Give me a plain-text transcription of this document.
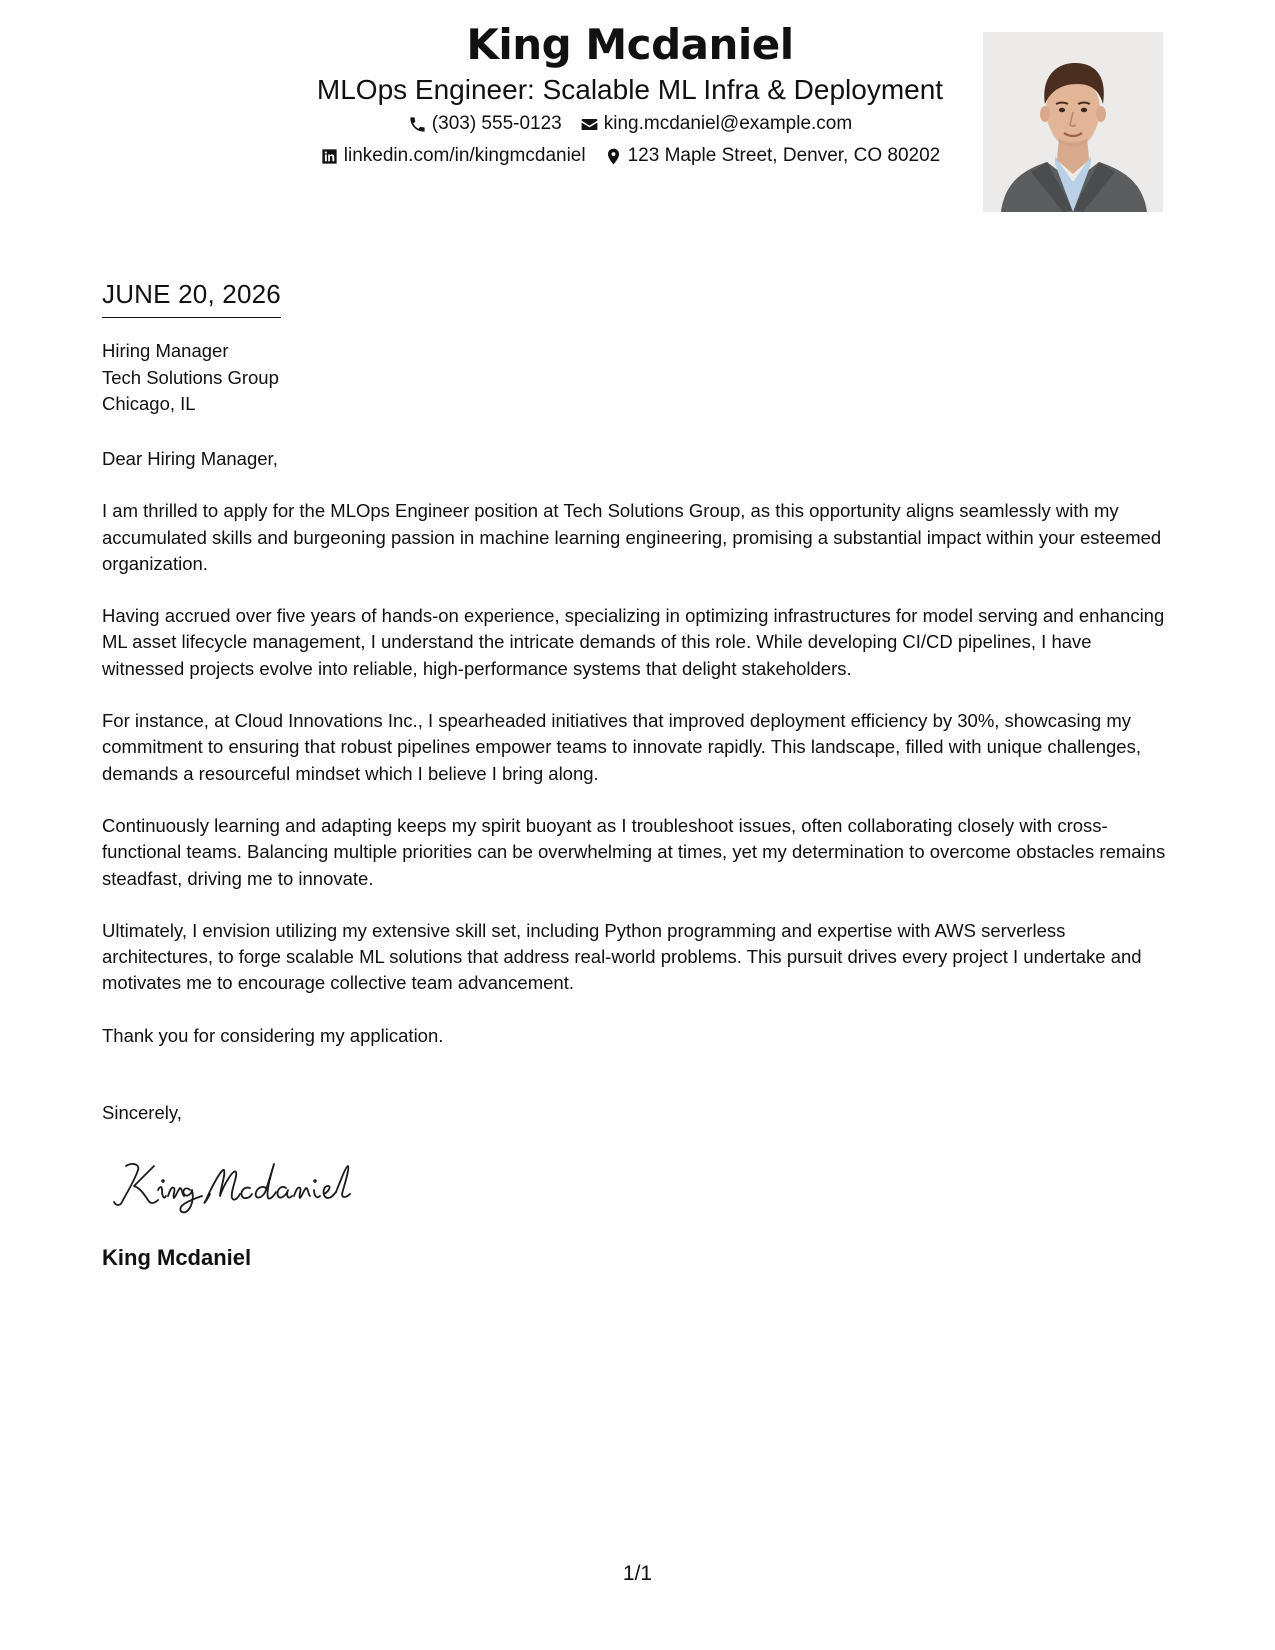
King Mcdaniel
MLOps Engineer: Scalable ML Infra & Deployment
(303) 555-0123 king.mcdaniel@example.com
linkedin.com/in/kingmcdaniel 123 Maple Street, Denver, CO 80202
JUNE 20, 2026
Hiring Manager
Tech Solutions Group
Chicago, IL

Dear Hiring Manager,

I am thrilled to apply for the MLOps Engineer position at Tech Solutions Group, as this opportunity aligns seamlessly with my accumulated skills and burgeoning passion in machine learning engineering, promising a substantial impact within your esteemed organization.

Having accrued over five years of hands-on experience, specializing in optimizing infrastructures for model serving and enhancing ML asset lifecycle management, I understand the intricate demands of this role. While developing CI/CD pipelines, I have witnessed projects evolve into reliable, high-performance systems that delight stakeholders.

For instance, at Cloud Innovations Inc., I spearheaded initiatives that improved deployment efficiency by 30%, showcasing my commitment to ensuring that robust pipelines empower teams to innovate rapidly. This landscape, filled with unique challenges, demands a resourceful mindset which I believe I bring along.

Continuously learning and adapting keeps my spirit buoyant as I troubleshoot issues, often collaborating closely with cross-functional teams. Balancing multiple priorities can be overwhelming at times, yet my determination to overcome obstacles remains steadfast, driving me to innovate.

Ultimately, I envision utilizing my extensive skill set, including Python programming and expertise with AWS serverless architectures, to forge scalable ML solutions that address real-world problems. This pursuit drives every project I undertake and motivates me to encourage collective team advancement.

Thank you for considering my application.

Sincerely,
King Mcdaniel
1/1
